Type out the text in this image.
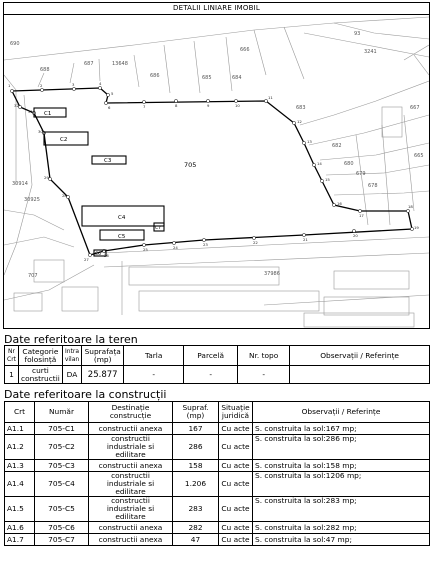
DETALII LINIARE IMOBIL
690
688
687	13648
686	685	684
666
93
3241
683	667
682
680
679
665
678
30914
30925
707	37986
705
C1
C2
C3
C4
C5
C6
C7
1	2	3	4
5
6	7	8	9	10
11
12
13
14
15
16
17
18
19
20
21
22
23
24
25
26
27
28
29
30
31
32
Date referitoare la teren
Nr Crt	Categorie folosință	Intra vilan	Suprafața (mp)	Tarla	Parcelă	Nr. topo	Observații / Referințe
1	curti constructii	DA	25.877	-	-	-	
Date referitoare la construcții
Crt	Număr	Destinație construcție	Supraf. (mp)	Situație juridică	Observații / Referințe
A1.1	705-C1	constructii anexa	167	Cu acte	S. construita la sol:167 mp;
A1.2	705-C2	constructii industriale si edilitare	286	Cu acte	S. construita la sol:286 mp;
A1.3	705-C3	constructii anexa	158	Cu acte	S. construita la sol:158 mp;
A1.4	705-C4	constructii industriale si edilitare	1.206	Cu acte	S. construita la sol:1206 mp;
A1.5	705-C5	constructii industriale si edilitare	283	Cu acte	S. construita la sol:283 mp;
A1.6	705-C6	constructii anexa	282	Cu acte	S. construita la sol:282 mp;
A1.7	705-C7	constructii anexa	47	Cu acte	S. construita la sol:47 mp;
